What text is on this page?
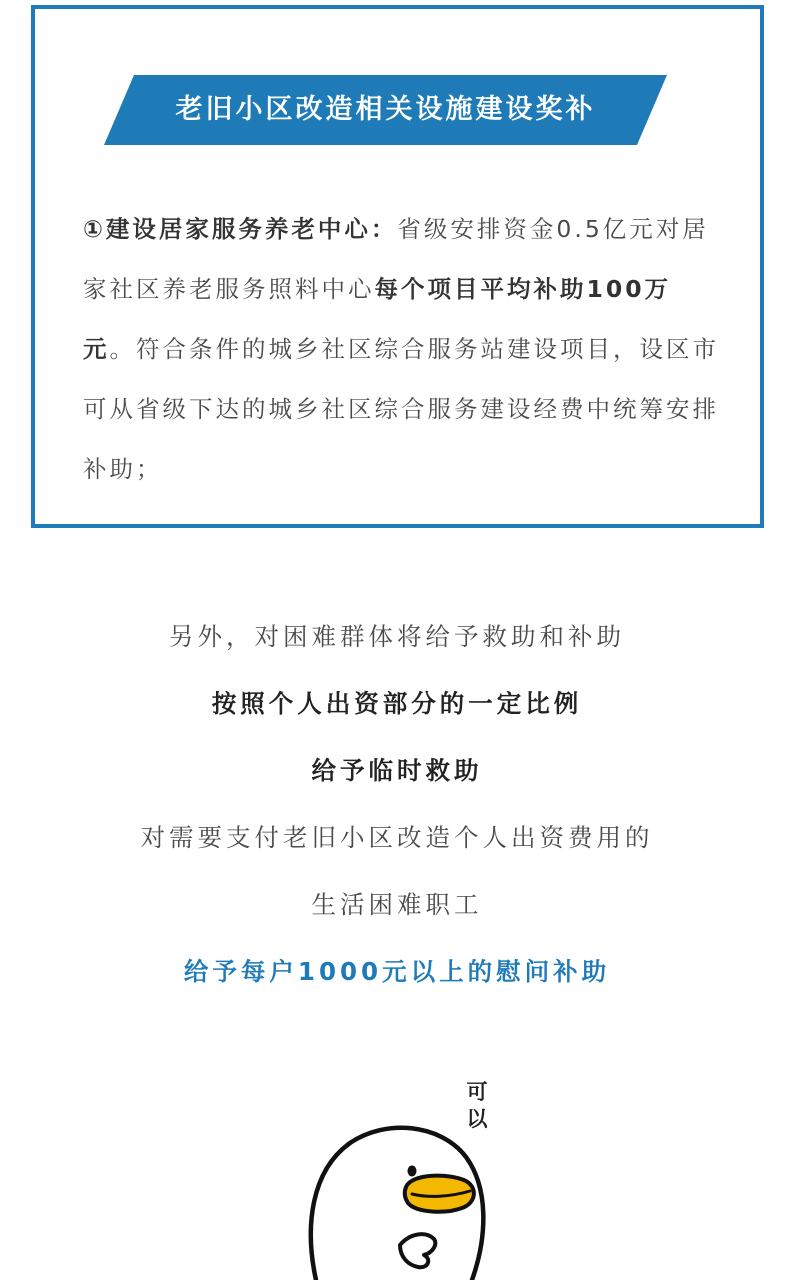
老旧小区改造相关设施建设奖补

①建设居家服务养老中心：省级安排资金0.5亿元对居家社区养老服务照料中心每个项目平均补助100万元。符合条件的城乡社区综合服务站建设项目，设区市可从省级下达的城乡社区综合服务建设经费中统筹安排补助；

另外，对困难群体将给予救助和补助
按照个人出资部分的一定比例
给予临时救助
对需要支付老旧小区改造个人出资费用的
生活困难职工
给予每户1000元以上的慰问补助
可
以
